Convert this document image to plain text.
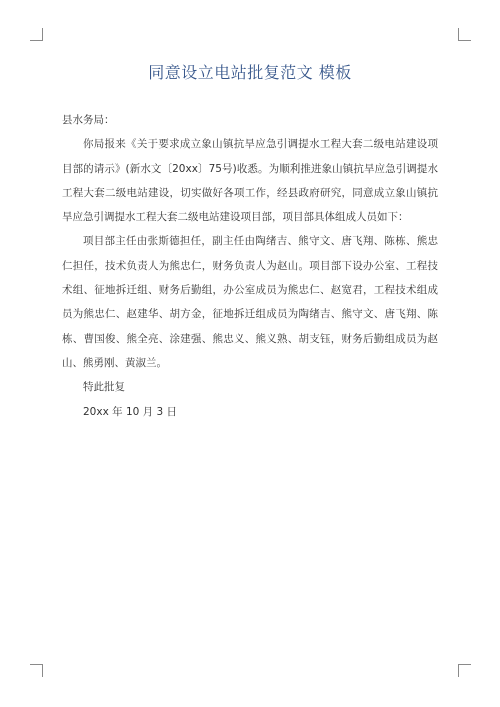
同意设立电站批复范文 模板

县水务局：

你局报来《关于要求成立象山镇抗旱应急引调提水工程大套二级电站建设项目部的请示》(新水文〔20xx〕75号)收悉。为顺利推进象山镇抗旱应急引调提水工程大套二级电站建设，切实做好各项工作，经县政府研究，同意成立象山镇抗旱应急引调提水工程大套二级电站建设项目部，项目部具体组成人员如下：

项目部主任由张斯德担任，副主任由陶绪吉、熊守文、唐飞翔、陈栋、熊忠仁担任，技术负责人为熊忠仁，财务负责人为赵山。项目部下设办公室、工程技术组、征地拆迁组、财务后勤组，办公室成员为熊忠仁、赵宽君，工程技术组成员为熊忠仁、赵建华、胡方金，征地拆迁组成员为陶绪吉、熊守文、唐飞翔、陈栋、曹国俊、熊全亮、涂建强、熊忠义、熊义熟、胡支钰，财务后勤组成员为赵山、熊勇刚、黄淑兰。

特此批复

20xx 年 10 月 3 日
